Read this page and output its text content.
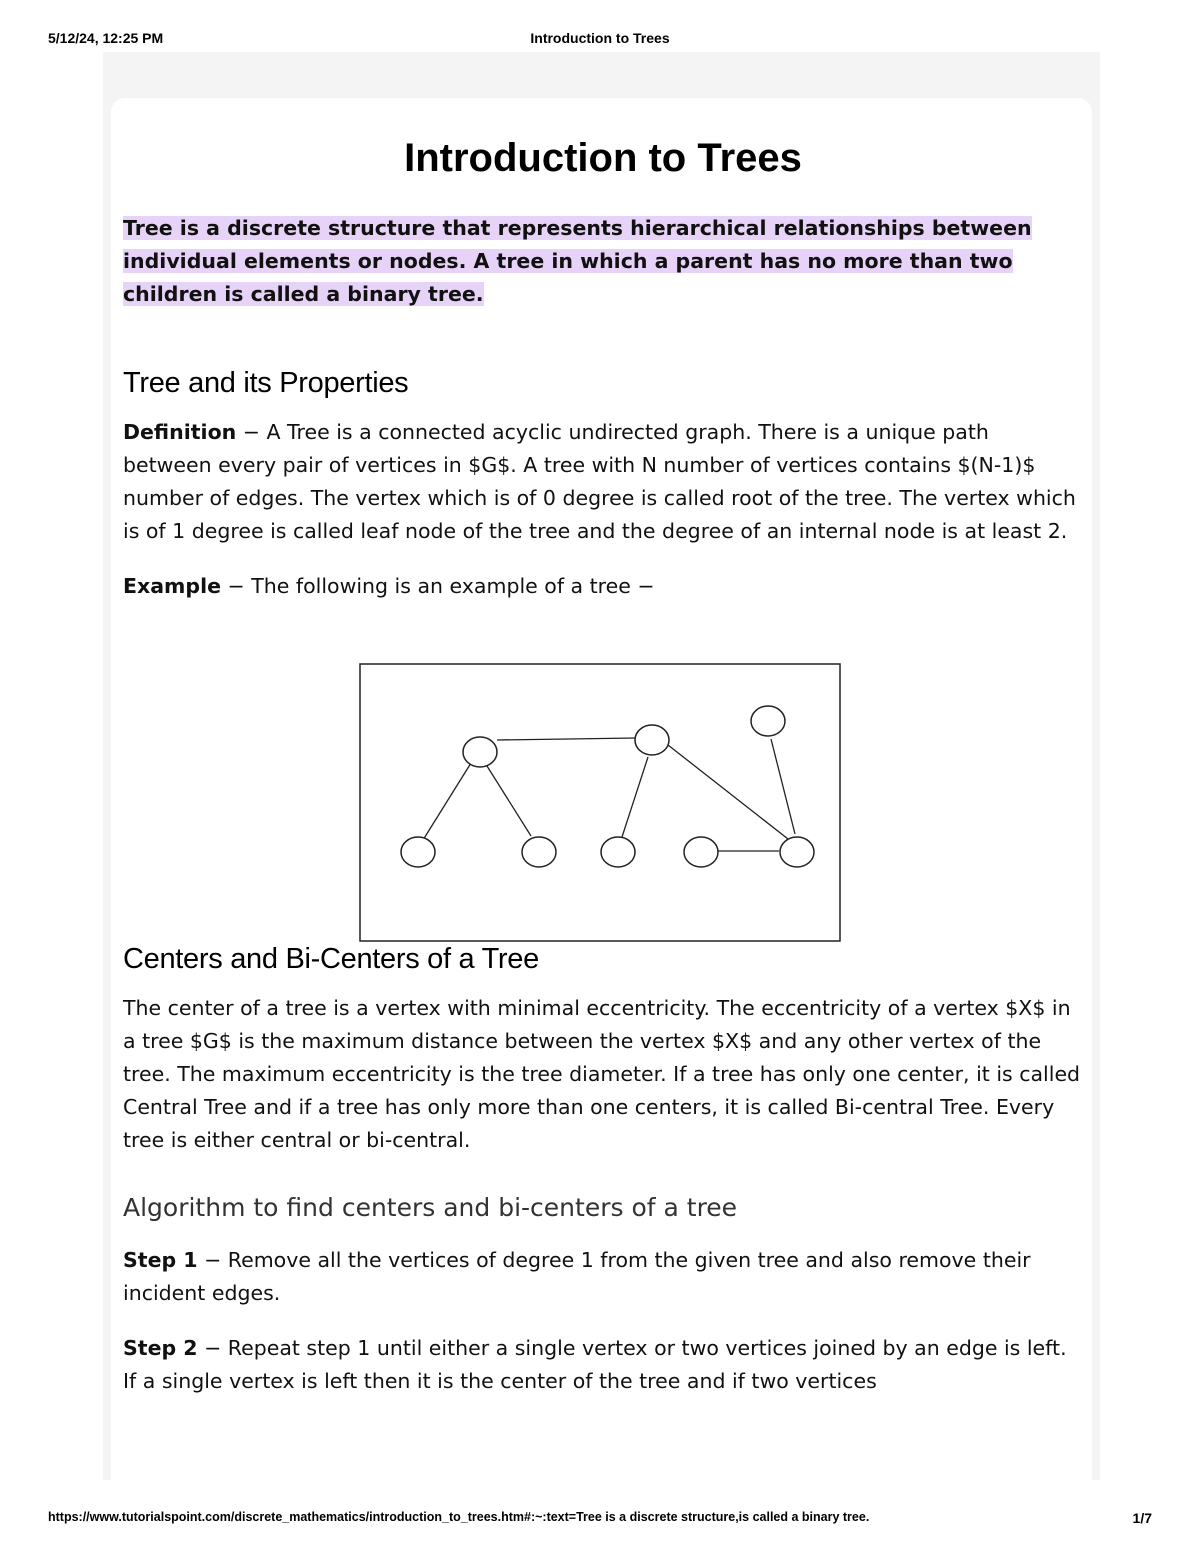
5/12/24, 12:25 PM	Introduction to Trees
Introduction to Trees

Tree is a discrete structure that represents hierarchical relationships between individual elements or nodes. A tree in which a parent has no more than two children is called a binary tree.

Tree and its Properties

Definition − A Tree is a connected acyclic undirected graph. There is a unique path between every pair of vertices in $G$. A tree with N number of vertices contains $(N-1)$ number of edges. The vertex which is of 0 degree is called root of the tree. The vertex which is of 1 degree is called leaf node of the tree and the degree of an internal node is at least 2.

Example − The following is an example of a tree −

Centers and Bi-Centers of a Tree

The center of a tree is a vertex with minimal eccentricity. The eccentricity of a vertex $X$ in a tree $G$ is the maximum distance between the vertex $X$ and any other vertex of the tree. The maximum eccentricity is the tree diameter. If a tree has only one center, it is called Central Tree and if a tree has only more than one centers, it is called Bi-central Tree. Every tree is either central or bi-central.

Algorithm to find centers and bi-centers of a tree

Step 1 − Remove all the vertices of degree 1 from the given tree and also remove their incident edges.

Step 2 − Repeat step 1 until either a single vertex or two vertices joined by an edge is left. If a single vertex is left then it is the center of the tree and if two vertices

https://www.tutorialspoint.com/discrete_mathematics/introduction_to_trees.htm#:~:text=Tree is a discrete structure,is called a binary tree.	1/7
